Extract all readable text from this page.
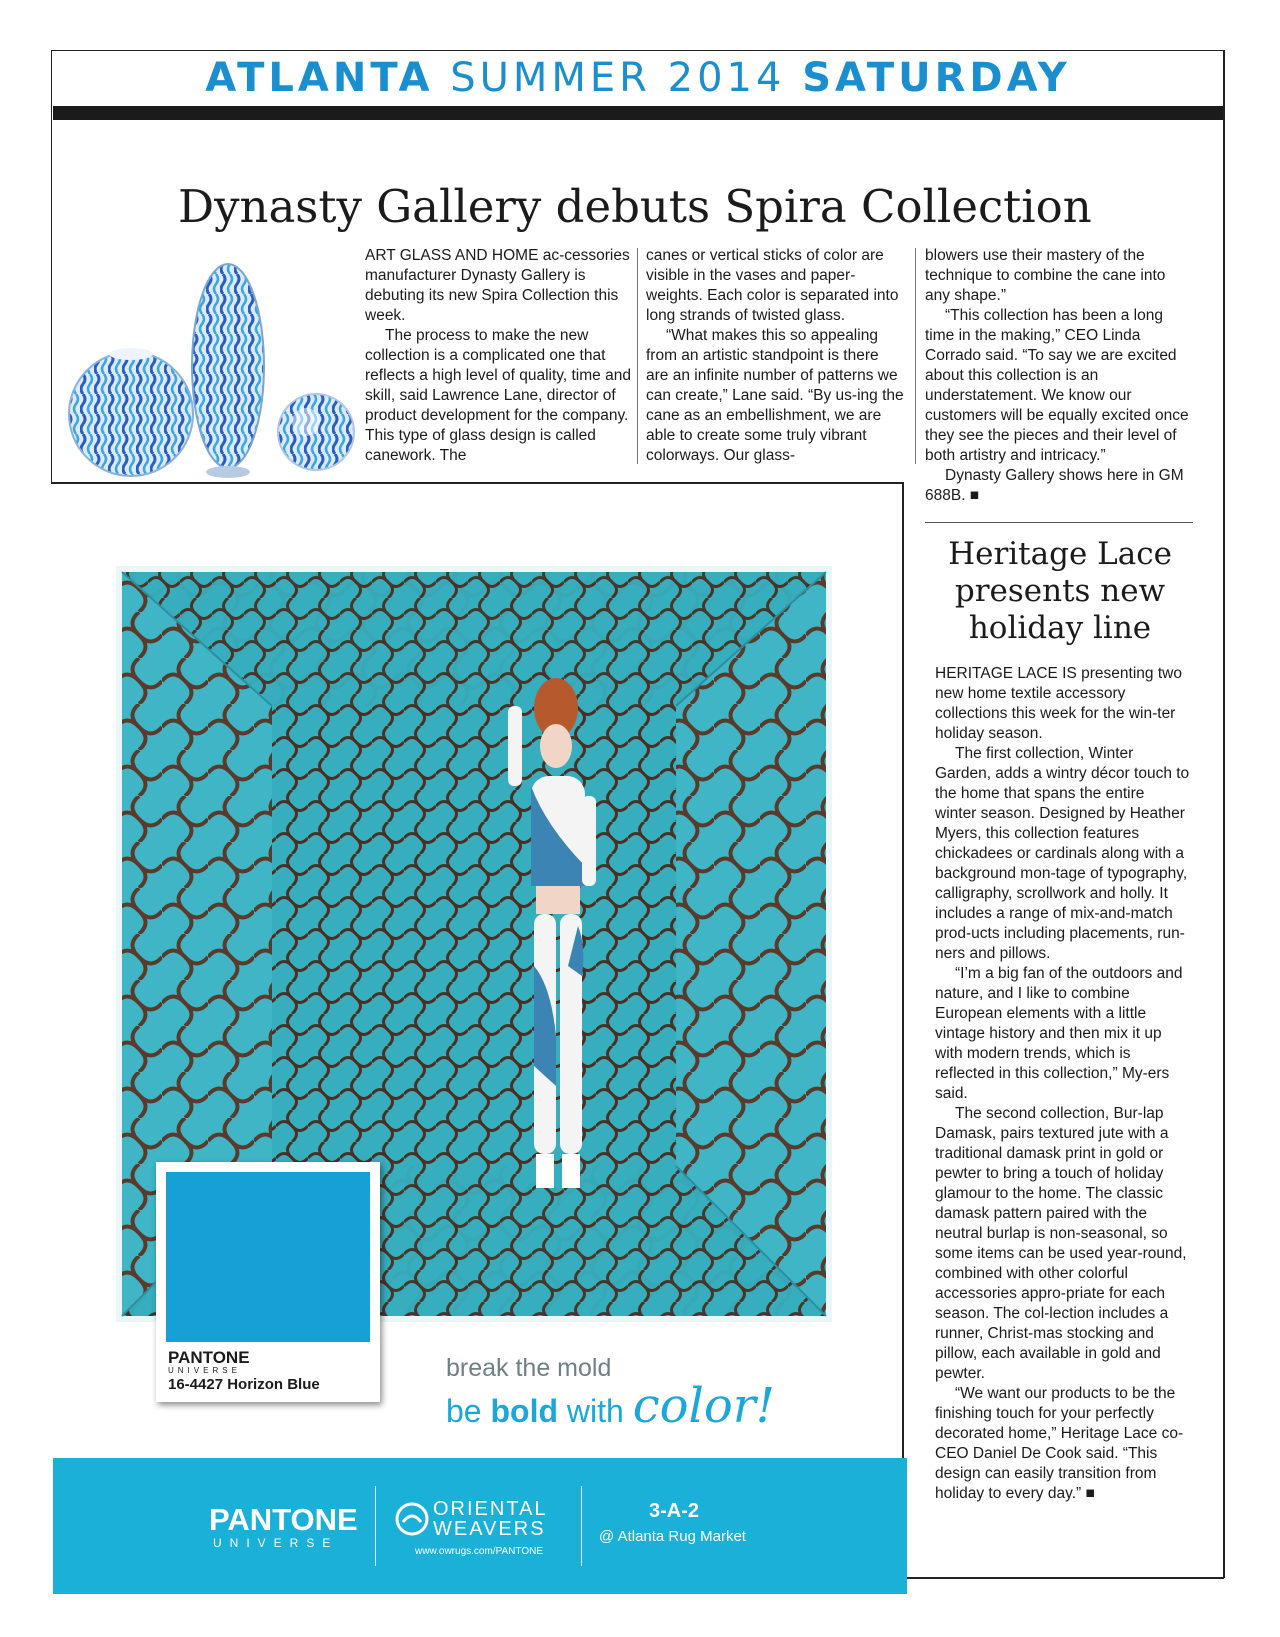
ATLANTA SUMMER 2014 SATURDAY
Dynasty Gallery debuts Spira Collection

ART GLASS AND HOME ac-cessories manufacturer Dynasty Gallery is debuting its new Spira Collection this week.

The process to make the new collection is a complicated one that reflects a high level of quality, time and skill, said Lawrence Lane, director of product development for the company. This type of glass design is called canework. The

canes or vertical sticks of color are visible in the vases and paper-weights. Each color is separated into long strands of twisted glass.

“What makes this so appealing from an artistic standpoint is there are an infinite number of patterns we can create,” Lane said. “By us-ing the cane as an embellishment, we are able to create some truly vibrant colorways. Our glass-

blowers use their mastery of the technique to combine the cane into any shape.”

“This collection has been a long time in the making,” CEO Linda Corrado said. “To say we are excited about this collection is an understatement. We know our customers will be equally excited once they see the pieces and their level of both artistry and intricacy.”

Dynasty Gallery shows here in GM 688B. ■

Heritage Lace presents new holiday line

HERITAGE LACE IS presenting two new home textile accessory collections this week for the win-ter holiday season.

The first collection, Winter Garden, adds a wintry décor touch to the home that spans the entire winter season. Designed by Heather Myers, this collection features chickadees or cardinals along with a background mon-tage of typography, calligraphy, scrollwork and holly. It includes a range of mix-and-match prod-ucts including placements, run-ners and pillows.

“I’m a big fan of the outdoors and nature, and I like to combine European elements with a little vintage history and then mix it up with modern trends, which is reflected in this collection,” My-ers said.

The second collection, Bur-lap Damask, pairs textured jute with a traditional damask print in gold or pewter to bring a touch of holiday glamour to the home. The classic damask pattern paired with the neutral burlap is non-seasonal, so some items can be used year-round, combined with other colorful accessories appro-priate for each season. The col-lection includes a runner, Christ-mas stocking and pillow, each available in gold and pewter.

“We want our products to be the finishing touch for your perfectly decorated home,” Heritage Lace co-CEO Daniel De Cook said. “This design can easily transition from holiday to every day.” ■

PANTONE
UNIVERSE
16-4427 Horizon Blue
break the mold
be bold with color!
PANTONE
UNIVERSE
ORIENTAL
WEAVERS
www.owrugs.com/PANTONE
3-A-2
@ Atlanta Rug Market
